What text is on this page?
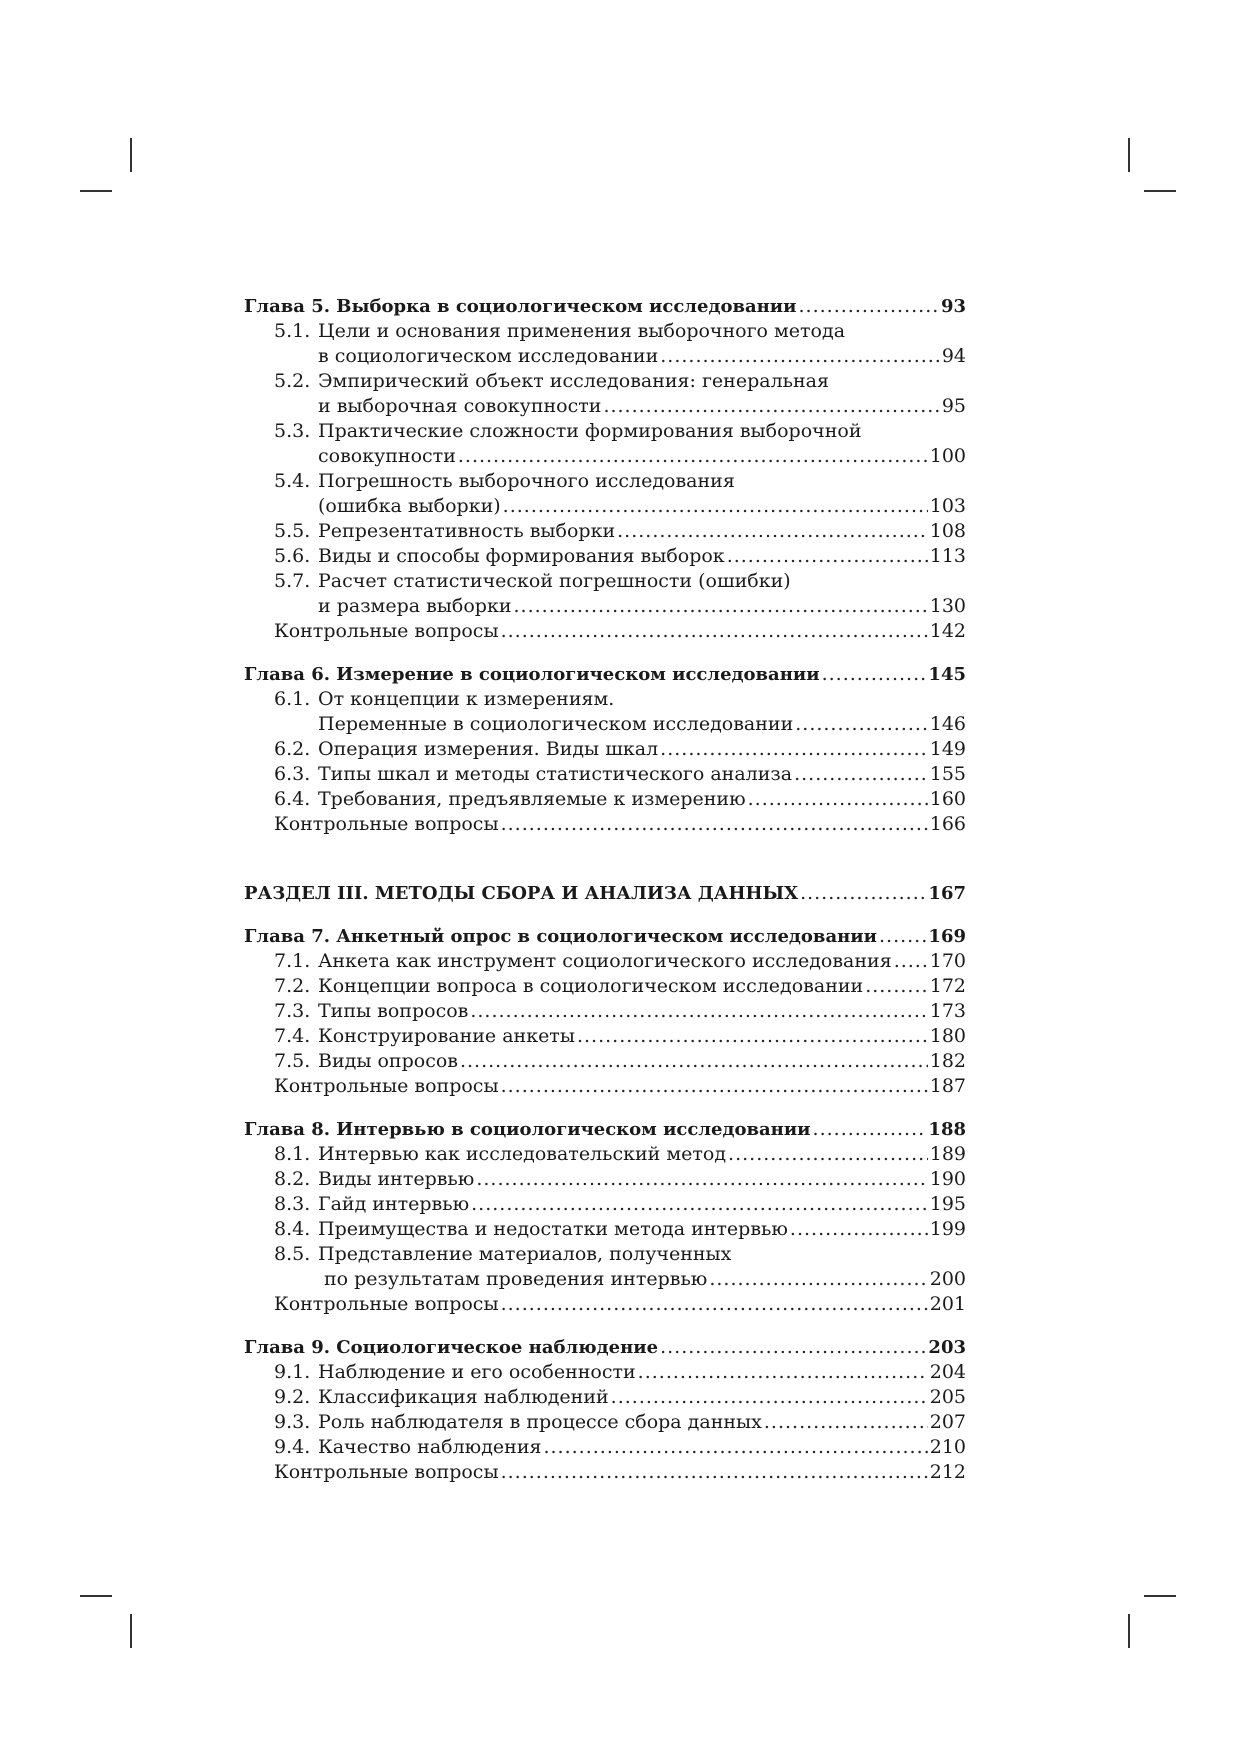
Глава 5. Выборка в социологическом исследовании .....	93
5.1. Цели и основания применения выборочного метода
в социологическом исследовании .....	94
5.2. Эмпирический объект исследования: генеральная
и выборочная совокупности .....	95
5.3. Практические сложности формирования выборочной
совокупности .....	100
5.4. Погрешность выборочного исследования
(ошибка выборки) .....	103
5.5. Репрезентативность выборки .....	108
5.6. Виды и способы формирования выборок .....	113
5.7. Расчет статистической погрешности (ошибки)
и размера выборки .....	130
Контрольные вопросы .....	142
Глава 6. Измерение в социологическом исследовании .....	145
6.1. От концепции к измерениям.
Переменные в социологическом исследовании .....	146
6.2. Операция измерения. Виды шкал .....	149
6.3. Типы шкал и методы статистического анализа .....	155
6.4. Требования, предъявляемые к измерению .....	160
Контрольные вопросы .....	166
РАЗДЕЛ III. МЕТОДЫ СБОРА И АНАЛИЗА ДАННЫХ .....	167
Глава 7. Анкетный опрос в социологическом исследовании .....	169
7.1. Анкета как инструмент социологического исследования ..... 170
7.2. Концепции вопроса в социологическом исследовании .....	172
7.3. Типы вопросов .....	173
7.4. Конструирование анкеты .....	180
7.5. Виды опросов .....	182
Контрольные вопросы .....	187
Глава 8. Интервью в социологическом исследовании .....	188
8.1. Интервью как исследовательский метод .....	189
8.2. Виды интервью .....	190
8.3. Гайд интервью .....	195
8.4. Преимущества и недостатки метода интервью .....	199
8.5. Представление материалов, полученных
по результатам проведения интервью .....	200
Контрольные вопросы .....	201
Глава 9. Социологическое наблюдение .....	203
9.1. Наблюдение и его особенности .....	204
9.2. Классификация наблюдений .....	205
9.3. Роль наблюдателя в процессе сбора данных .....	207
9.4. Качество наблюдения .....	210
Контрольные вопросы .....	212
